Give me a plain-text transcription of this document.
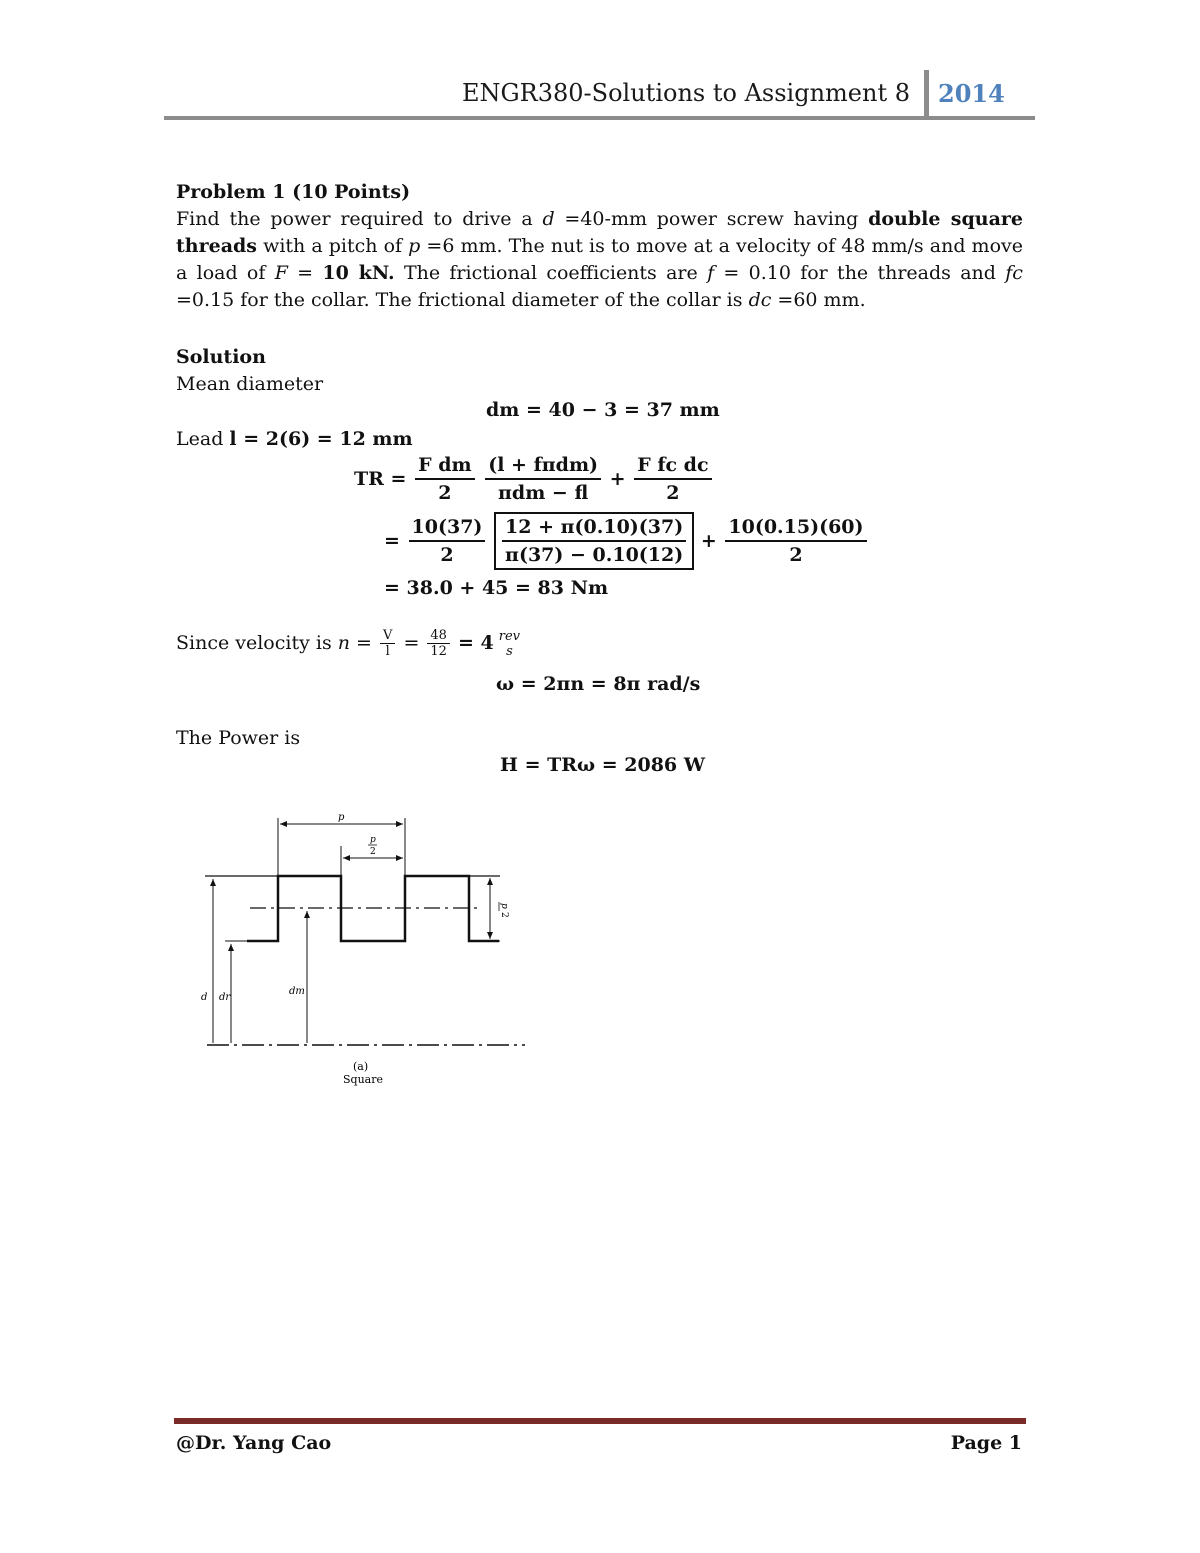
ENGR380-Solutions to Assignment 8 2014
Problem 1 (10 Points)
Find the power required to drive a d =40-mm power screw having double square threads with a pitch of p =6 mm. The nut is to move at a velocity of 48 mm/s and move a load of F = 10 kN. The frictional coefficients are f = 0.10 for the threads and fc =0.15 for the collar. The frictional diameter of the collar is dc =60 mm.
Solution
Mean diameter
dm = 40 − 3 = 37 mm
Lead l = 2(6) = 12 mm
TR = $\frac{\text{F dm}}{2}$
$\frac{\text{(l + fπdm)}}{\text{πdm − fl}} + \frac{\text{F fc dc}}{2}$
= $\frac{10(37)}{2}$
$\frac{12 + \pi(0.10)(37)}{\pi(37) - 0.10(12)} + \frac{10(0.15)(60)}{2}$
= 38.0 + 45 = 83 Nm
Since velocity is $n = \frac{V}{l} = \frac{48}{12} = 4$ rev
s
ω = 2πn = 8π rad/s
The Power is
H = TRω = 2086 W
p
p
2
p
2
d dr
dm
(a)
Square
@Dr. Yang Cao	Page 1
